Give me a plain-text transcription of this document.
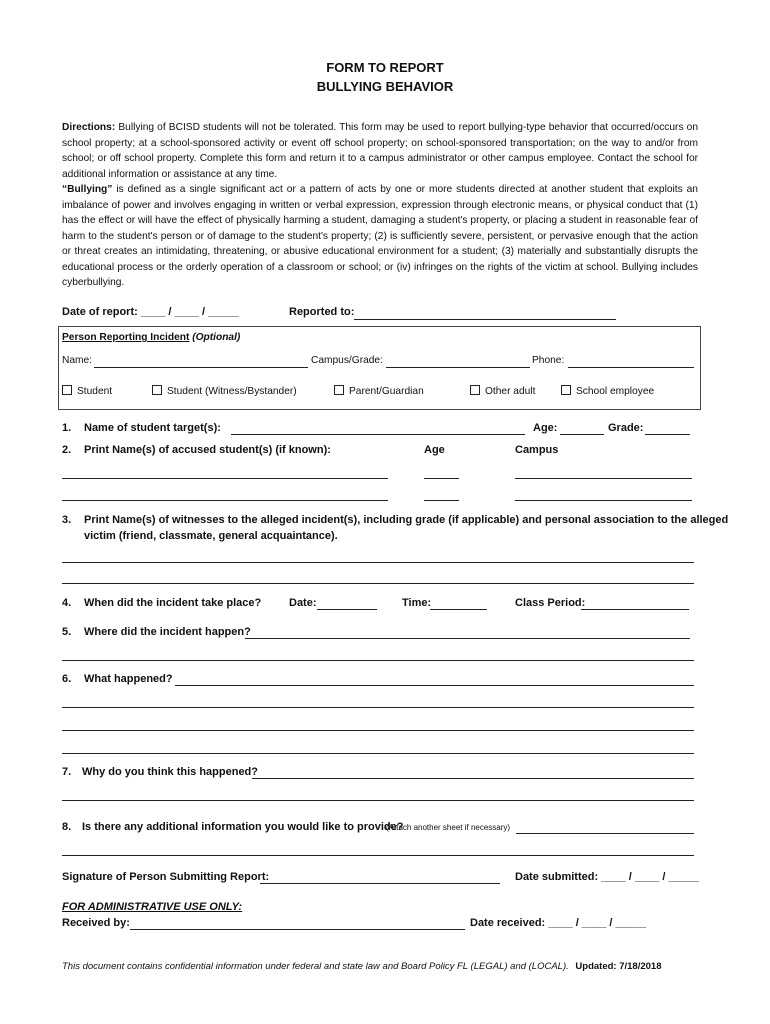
FORM TO REPORT
BULLYING BEHAVIOR
Directions: Bullying of BCISD students will not be tolerated. This form may be used to report bullying-type behavior that occurred/occurs on school property; at a school-sponsored activity or event off school property; on school-sponsored transportation; on the way to and/or from school; or off school property. Complete this form and return it to a campus administrator or other campus employee. Contact the school for additional information or assistance at any time.
“Bullying” is defined as a single significant act or a pattern of acts by one or more students directed at another student that exploits an imbalance of power and involves engaging in written or verbal expression, expression through electronic means, or physical conduct that (1) has the effect or will have the effect of physically harming a student, damaging a student's property, or placing a student in reasonable fear of harm to the student's person or of damage to the student's property; (2) is sufficiently severe, persistent, or pervasive enough that the action or threat creates an intimidating, threatening, or abusive educational environment for a student; (3) materially and substantially disrupts the educational process or the orderly operation of a classroom or school; or (iv) infringes on the rights of the victim at school. Bullying includes cyberbullying.
Date of report: ____ / ____ / _____	Reported to:
Person Reporting Incident (Optional)
Name:	Campus/Grade:	Phone:
Student	Student (Witness/Bystander)	Parent/Guardian	Other adult	School employee
1. Name of student target(s):	Age:	Grade:
2. Print Name(s) of accused student(s) (if known):	Age	Campus
3. Print Name(s) of witnesses to the alleged incident(s), including grade (if applicable) and personal association to the alleged
victim (friend, classmate, general acquaintance).
4. When did the incident take place?	Date:	Time:	Class Period:
5. Where did the incident happen?
6. What happened?
7. Why do you think this happened?
8. Is there any additional information you would like to provide?
(Attach another sheet if necessary)
Signature of Person Submitting Report:	Date submitted: ____ / ____ / _____
FOR ADMINISTRATIVE USE ONLY:
Received by:	Date received: ____ / ____ / _____
This document contains confidential information under federal and state law and Board Policy FL (LEGAL) and (LOCAL). Updated: 7/18/2018
